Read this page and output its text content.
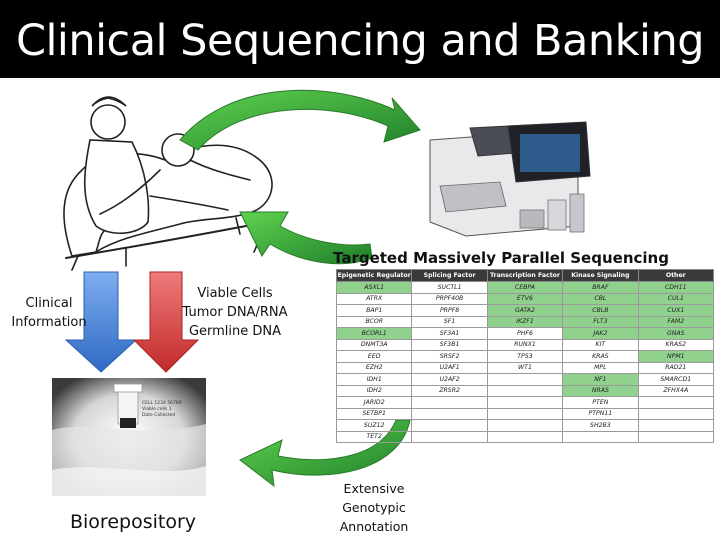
Clinical Sequencing and Banking
CELL 1234 56789
Viable cells 1
Date Collected
Clinical
Information
Viable Cells
Tumor DNA/RNA
Germline DNA
Targeted Massively Parallel Sequencing
Epigenetic Regulator	Splicing Factor	Transcription Factor	Kinase Signaling	Other
ASXL1	SUCTL1	CEBPA	BRAF	CDH11
ATRX	PRPF40B	ETV6	CBL	CUL1
BAP1	PRPF8	GATA2	CBLB	CUX1
BCOR	SF1	IKZF1	FLT3	FAM2
BCORL1	SF3A1	PHF6	JAK2	GNAS
DNMT3A	SF3B1	RUNX1	KIT	KRAS2
EED	SRSF2	TP53	KRAS	NPM1
EZH2	U2AF1	WT1	MPL	RAD21
IDH1	U2AF2		NF1	SMARCD1
IDH2	ZRSR2		NRAS	ZFHX4A
JARID2			PTEN	
SETBP1			PTPN11	
SUZ12			SH2B3	
TET2				
Biorepository
Extensive
Genotypic
Annotation
